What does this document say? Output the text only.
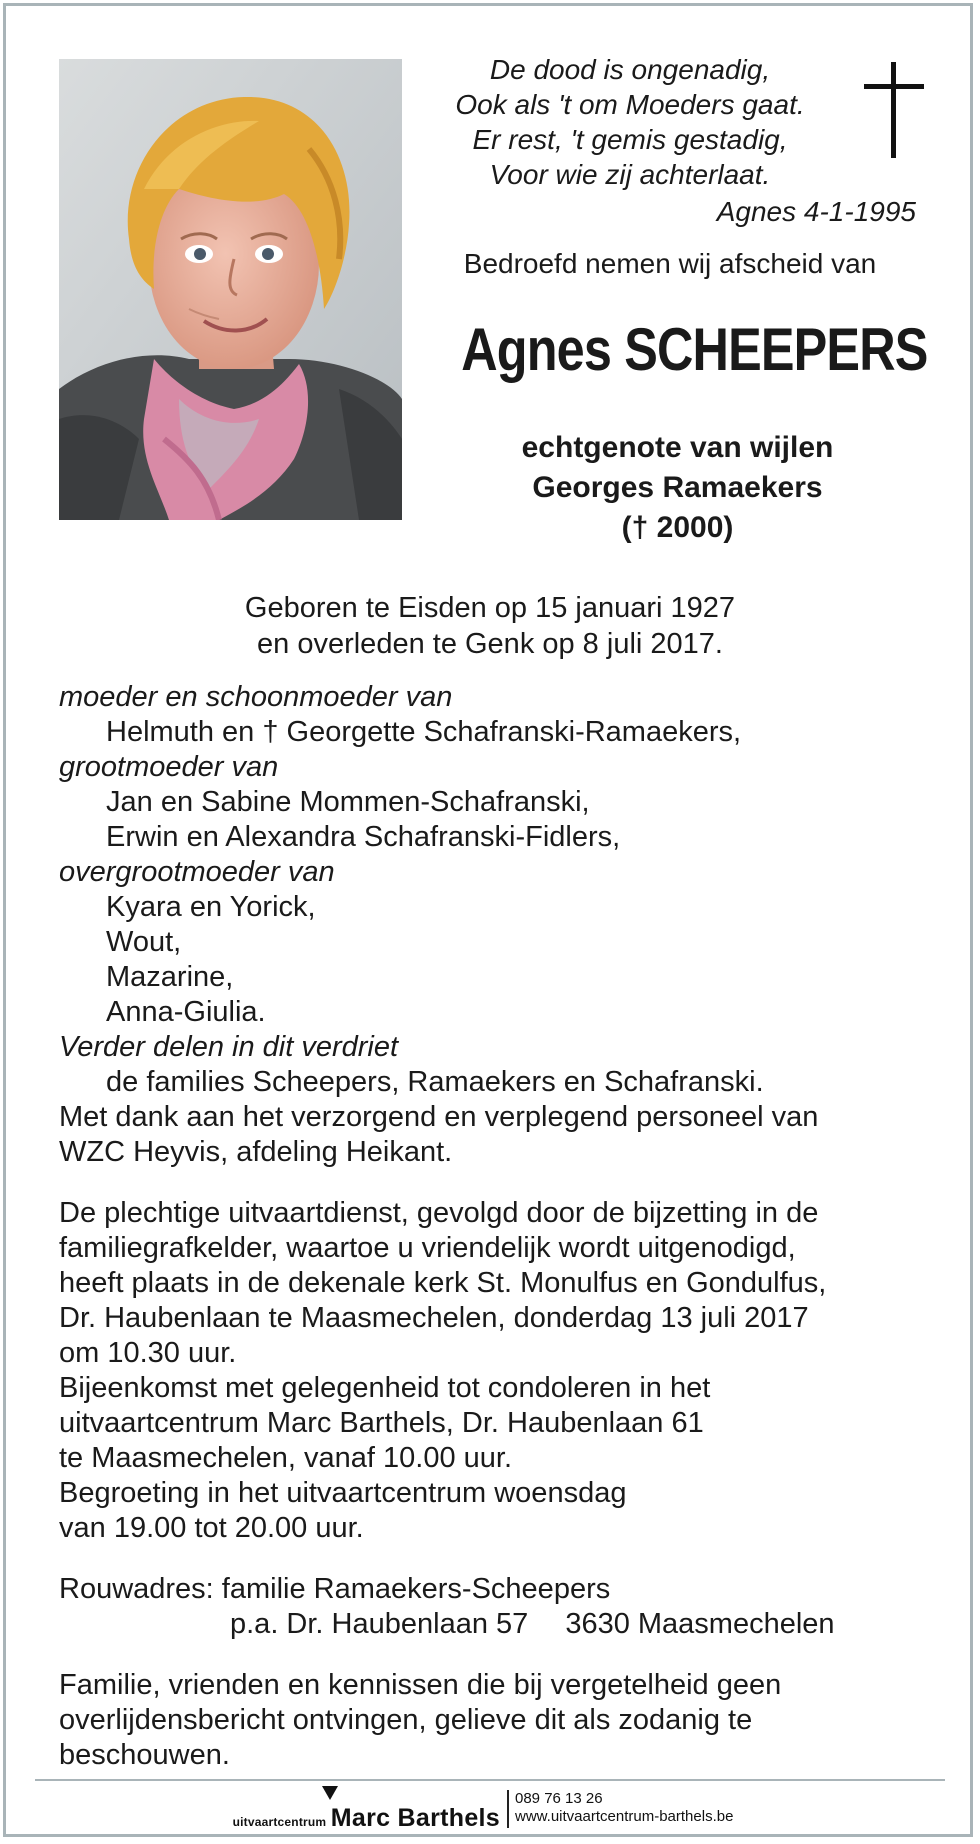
De dood is ongenadig,
Ook als 't om Moeders gaat.
Er rest, 't gemis gestadig,
Voor wie zij achterlaat.
Agnes 4-1-1995
Bedroefd nemen wij afscheid van
Agnes SCHEEPERS
echtgenote van wijlen
Georges Ramaekers
(† 2000)
Geboren te Eisden op 15 januari 1927
en overleden te Genk op 8 juli 2017.
moeder en schoonmoeder van
Helmuth en † Georgette Schafranski-Ramaekers,
grootmoeder van
Jan en Sabine Mommen-Schafranski,
Erwin en Alexandra Schafranski-Fidlers,
overgrootmoeder van
Kyara en Yorick,
Wout,
Mazarine,
Anna-Giulia.
Verder delen in dit verdriet
de families Scheepers, Ramaekers en Schafranski.
Met dank aan het verzorgend en verplegend personeel van
WZC Heyvis, afdeling Heikant.
De plechtige uitvaartdienst, gevolgd door de bijzetting in de
familiegrafkelder, waartoe u vriendelijk wordt uitgenodigd,
heeft plaats in de dekenale kerk St. Monulfus en Gondulfus,
Dr. Haubenlaan te Maasmechelen, donderdag 13 juli 2017
om 10.30 uur.
Bijeenkomst met gelegenheid tot condoleren in het
uitvaartcentrum Marc Barthels, Dr. Haubenlaan 61
te Maasmechelen, vanaf 10.00 uur.
Begroeting in het uitvaartcentrum woensdag
van 19.00 tot 20.00 uur.
Rouwadres: familie Ramaekers-Scheepers
p.a. Dr. Haubenlaan 57  3630 Maasmechelen
Familie, vrienden en kennissen die bij vergetelheid geen
overlijdensbericht ontvingen, gelieve dit als zodanig te
beschouwen.
uitvaartcentrum Marc Barthels
089 76 13 26
www.uitvaartcentrum-barthels.be
